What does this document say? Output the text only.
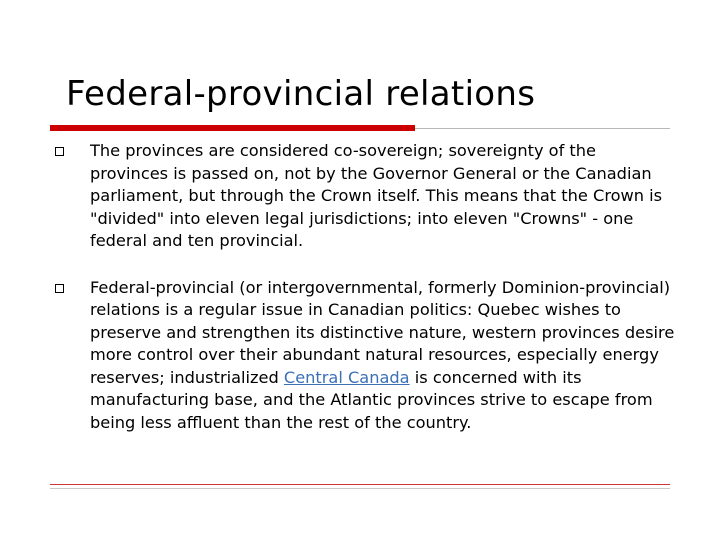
Federal-provincial relations
The provinces are considered co-sovereign; sovereignty of the provinces is passed on, not by the Governor General or the Canadian parliament, but through the Crown itself. This means that the Crown is "divided" into eleven legal jurisdictions; into eleven "Crowns" - one federal and ten provincial.
Federal-provincial (or intergovernmental, formerly Dominion-provincial) relations is a regular issue in Canadian politics: Quebec wishes to preserve and strengthen its distinctive nature, western provinces desire more control over their abundant natural resources, especially energy reserves; industrialized Central Canada is concerned with its manufacturing base, and the Atlantic provinces strive to escape from being less affluent than the rest of the country.
